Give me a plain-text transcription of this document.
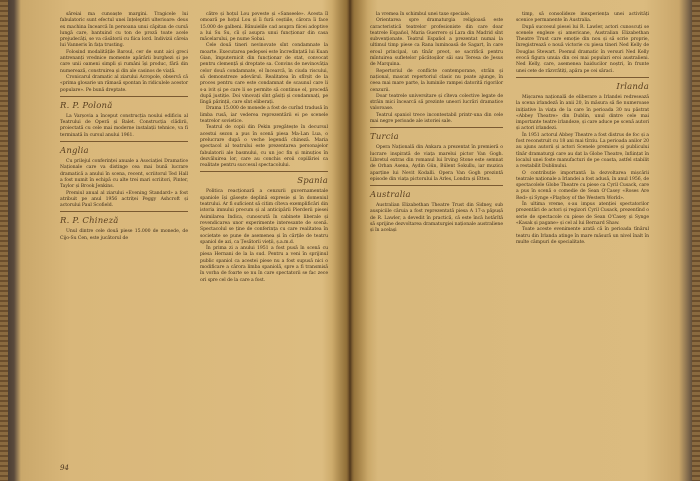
săreiai ma cunoaște margini. Tragicele lui fabulatoric sunt efectul unei înțeleptiri ulterioare: deus ex machina încearcă în persoana unui căpitan de cursă lungă care, bantuind cu ton de proză toate acele prejudecăți, se va căsătorii cu fiica lord. Indivizii căreia lui Vanneris în fața trusting.

Folosind modalitățile Baroul, cer de sunt aici greci antrenanți vrednice momente apărării burghezi și pe care unii oameni simpli și rumâni își produc, fără din numerează, construirea și din ale casinos de viață.

Cronicarul dramatic al ziarului Acropole, observă că «prima glosarie un rămasă spontan în ridiculele acestor populare». Pe bună dreptate.

R. P. Polonă

La Varșovia a început construcția noului edificiu al Teatrului de Operă și Balet. Construcția clădirii, proiectată cu cele mai moderne instalații tehnice, va fi terminată în cursul anului 1961.

Anglia

Cu prilejul conferinței anuale a Asociației Dramatice Naționale care va distinge cea mai bună lucrare dramatică a anului în scena, recent, scriitorul Ted Hall a fost numit în echipă cu alte trei mari scriitori, Pinter, Taylor și Brook Jenkins.

Premiul anual al ziarului «Evening Standard» a fost atribuit pe anul 1956 actriței Peggy Ashcroft și actorului Paul Scofield.

R. P. Chineză

Unul dintre cele două piese 15.000 de monede, de Cijo-Su Cen, este jucătorul de

către și hoțul Lou poveste și «Sanseele». Acesta îl omoară pe hoțul Lou și îi fură ceștiile, cărora îi face 15.000 de galbeni. Bănuielile cad asupra fiicei adoptive a lui Su Su, cîi șî asupra unui funcționar din casa măcelarului, pe nume Sobai.

Cele două tineri nevinovate sînt condamnate la moarte. Executarea pedepsei este încredințată lui Kuan Gian, împuternicit din funcționar de stat, convocat pentru clemență și dreptate sa. Convins de nevinovăția celor două condamnate, el încearcă, în ciuda riscului, să demonstreze adevărul. Realitatea în sfîrșit de la proces pentru care este condamnat de scaunul care li s-a ivit și pe care li se permite să continue el, procedă după justiție. Doi vinovați sînt găsiți și condamnați, pe lîngă părinții, care sînt eliberați.

Drama 15.000 de monede a fost de curînd tradusă în limba rusă, iar vederea reprezentării ei pe scenele teatrelor sovietice.

Teatrul de copii din Pekin pregătește în decursul acestui sezon a pus în scenă piesa Ma-Lan Lua, o prelucrare după o veche legendă chineză. Maria spectacol al teatrului este prezentarea personajelor fabulatorii ale basmului, cu un joc fin și minuțios în dezvăluirea lor, care au conchis eroii copilăriei ca realitate pentru succesul spectacolului.

Spania

Politica reacționară a cenzurii guvernamentale spaniole își găsește deplină expresie și în domeniul teatrului. Ar fi suficient să citim cîteva exemplificări din istoria imnului precum și al anticipării Pierderii piesei Asimilarea Indica, cunoscută în cabinete liberale și revendicarea unor experimente interesante de scenă. Spectacolul se ține de conferința cu care realitatea în societate se pune de asemenea și în cărțile de teatru spaniol de azi, ca Țesătorii vieții, ș.a.m.d.

În prima zi a anului 1951 a fost pusă în scenă cu piesa Hernani de la la sud. Pentru a veni în sprijinul public spaniol ca acestei piese nu a fost supusă nici o modificare a cărora limba spaniolă, spre a fi transmisă în vorba de foarte se nu în care spectatorii se fac zece ori spre cel de la care a fost.

94

la vremea în schimbul unei taxe speciale.

Orientarea spre dramaturgia religioasă este caracteristică teatrelor profesioniste din care doar teatrele Español, Maria Guerrero și Lara din Madrid sînt subvenționate. Teatrul Español a prezentat numai la ultimul timp piese ca Rana luminoasă de Sagart, în care eroul principal, un tînăr preot, se sacrifică pentru mîntuirea sufletelor păcătoșilor săi sau Teresa de Jesus de Marquina.

Repertoriul de conflicte contemporane, străin și național, mascat repertoriul clasic nu poate ajunge, în ceea mai mare parte, la luminile rampei datorită rigorilor cenzurii.

Doar teatrele universitare și cîteva colective legate de străin mici încearcă să prezinte uneori lucrări dramatice valoroase.

Teatrul spaniol trece incontestabil printr-una din cele mai negre perioade ale istoriei sale.

Turcia

Opera Națională din Ankara a prezentat în premieră o lucrare inspirată de viața marelui pictor Van Gogh. Libretul extras din romanul lui Irving Stone este semnat de Orhan Asena, Aydin Gün, Bülent Sokullu, iar muzica aparține lui Nevit Kodalli. Opera Van Gogh prezintă episode din viața pictorului la Arles, Londra și Etten.

Australia

Australian Elizabethan Theatre Trust din Sidney, sub auspiciile căruia a fost reprezentată piesa A 17-a păpușă de R. Lawler, a devedit în practică, că este încă hotărîtă să sprijine dezvoltarea dramaturgiei naționale australiene și în același

timp, să consolideze inexperiența unei activități scenice permanente în Australia.

După succesul piesei lui R. Lawler, actori cunoscuți se scenele engleze și americane, Australian Elizabethan Theatre Trust care emoție din nou și să scrie proprie, înregistrează o nouă victorie cu piesa tineri Ned Kelly de Douglas Stewart. Poemul dramatic în versuri Ned Kelly evocă figura unuia din cei mai populari eroi australieni. Ned Kelly, care, asemenea haiducilor noștri, în frunte unei cete de răzvrătiți, apăra pe cei săraci.

Irlanda

Mișcarea națională de eliberare a Irlandei redresează la scena irlandeză în anii 20, în măsura să fie numeroase inițiative la viața de la care în perioada 30 nu păstrat «Abbey Theatre» din Dublin, unul dintre cele mai importante teatre irlandeze, și care aduce pe scenă autori și actori irlandezi.

În 1951 actorul Abbey Theatre a fost distrus de foc și a fost reconstruit cu 18 ani mai tîrziu. La perioada anilor 20 au ajuns autorii și actori Scenele premiere și publicului tînăr dramaturgi care au dat la Globe Theatre, înființat în localul unei foste manufacturi de pe coasta, astfel stabilit a restabilit Dublinului.

O contribuție importantă la dezvoltarea mișcării teatrale naționale a Irlandei a fost adusă, în anul 1956, de spectacolele Globe Theatre cu piese ca Cyril Cusack, care a pus în scenă o comedie de Sean O'Casey «Roses Are Red» și Synge «Playboy of the Western World».

În ultima vreme, s-au impus atenției spectatorilor prezentări de actori și regizori Cyril Cusack, prezentînd o serie de spectacole cu piese de Sean O'Casey și Synge «Kasak și pagane» și cel al lui Bernard Shaw.

Toate aceste evenimente arată că în perioada tînărul teatru din Irlanda atinge în mare măsură un nivel înalt în multe câmpuri de specialitate.
